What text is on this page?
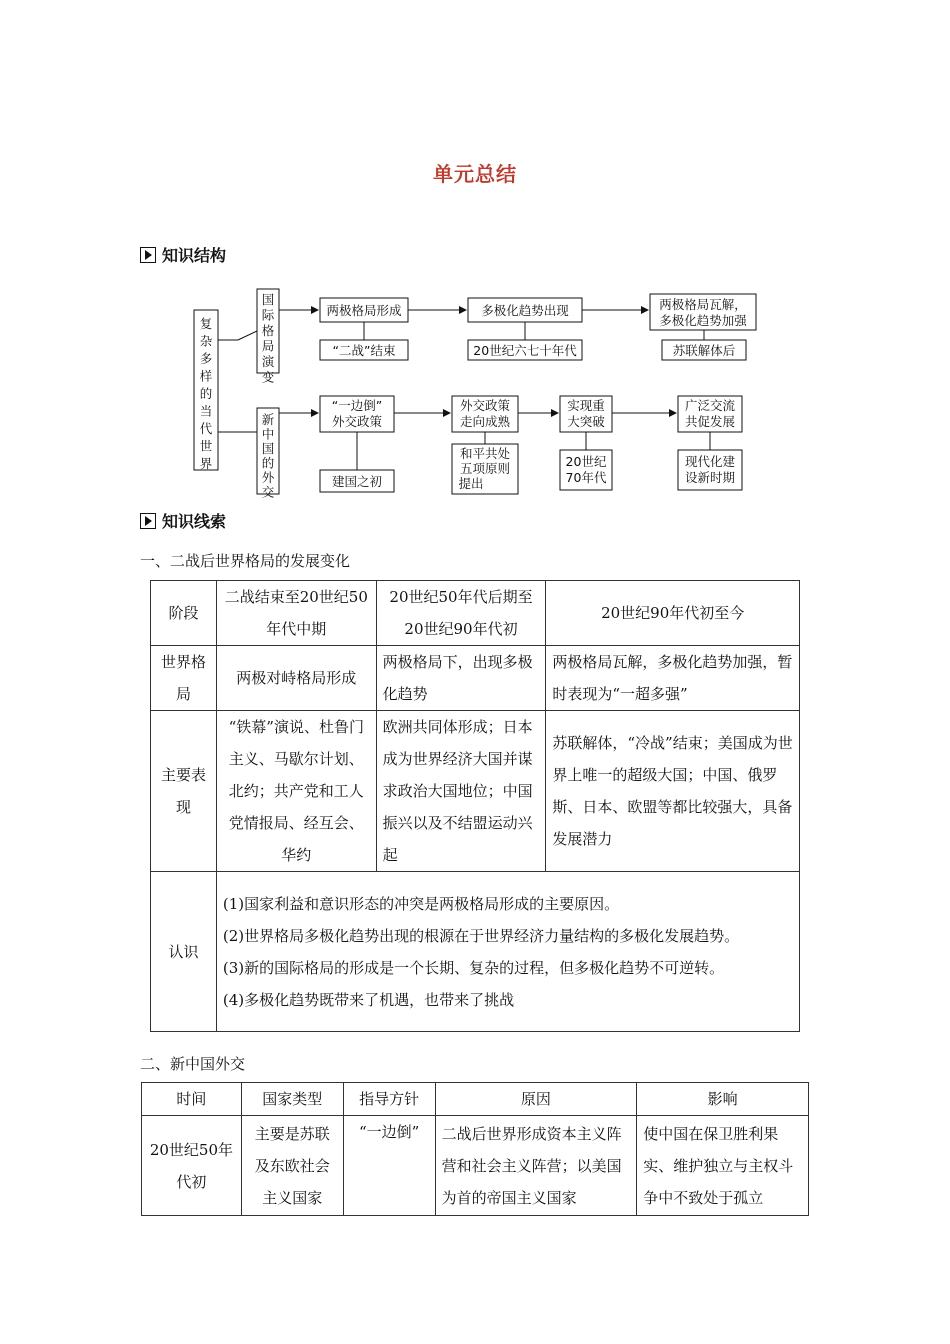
单元总结
知识结构
复杂多样的当代世界
国际格局演变
新中国的外交
两极格局形成
“二战”结束
多极化趋势出现
20世纪六七十年代
两极格局瓦解，
多极化趋势加强
苏联解体后
“一边倒”
外交政策
建国之初
外交政策
走向成熟
和平共处
五项原则
提出
实现重
大突破
20世纪
70年代
广泛交流
共促发展
现代化建
设新时期
知识线索
一、二战后世界格局的发展变化
阶段	二战结束至20世纪50年代中期	20世纪50年代后期至20世纪90年代初	20世纪90年代初至今
世界格局	两极对峙格局形成	两极格局下，出现多极化趋势	两极格局瓦解，多极化趋势加强，暂时表现为“一超多强”
主要表现	“铁幕”演说、杜鲁门主义、马歇尔计划、北约；共产党和工人党情报局、经互会、华约	欧洲共同体形成；日本成为世界经济大国并谋求政治大国地位；中国振兴以及不结盟运动兴起	苏联解体，“冷战”结束；美国成为世界上唯一的超级大国；中国、俄罗斯、日本、欧盟等都比较强大，具备发展潜力
认识	(1)国家利益和意识形态的冲突是两极格局形成的主要原因。
(2)世界格局多极化趋势出现的根源在于世界经济力量结构的多极化发展趋势。
(3)新的国际格局的形成是一个长期、复杂的过程，但多极化趋势不可逆转。
(4)多极化趋势既带来了机遇，也带来了挑战		
二、新中国外交
时间	国家类型	指导方针	原因	影响
20世纪50年代初	主要是苏联及东欧社会主义国家	“一边倒”	二战后世界形成资本主义阵营和社会主义阵营；以美国为首的帝国主义国家	使中国在保卫胜利果实、维护独立与主权斗争中不致处于孤立
